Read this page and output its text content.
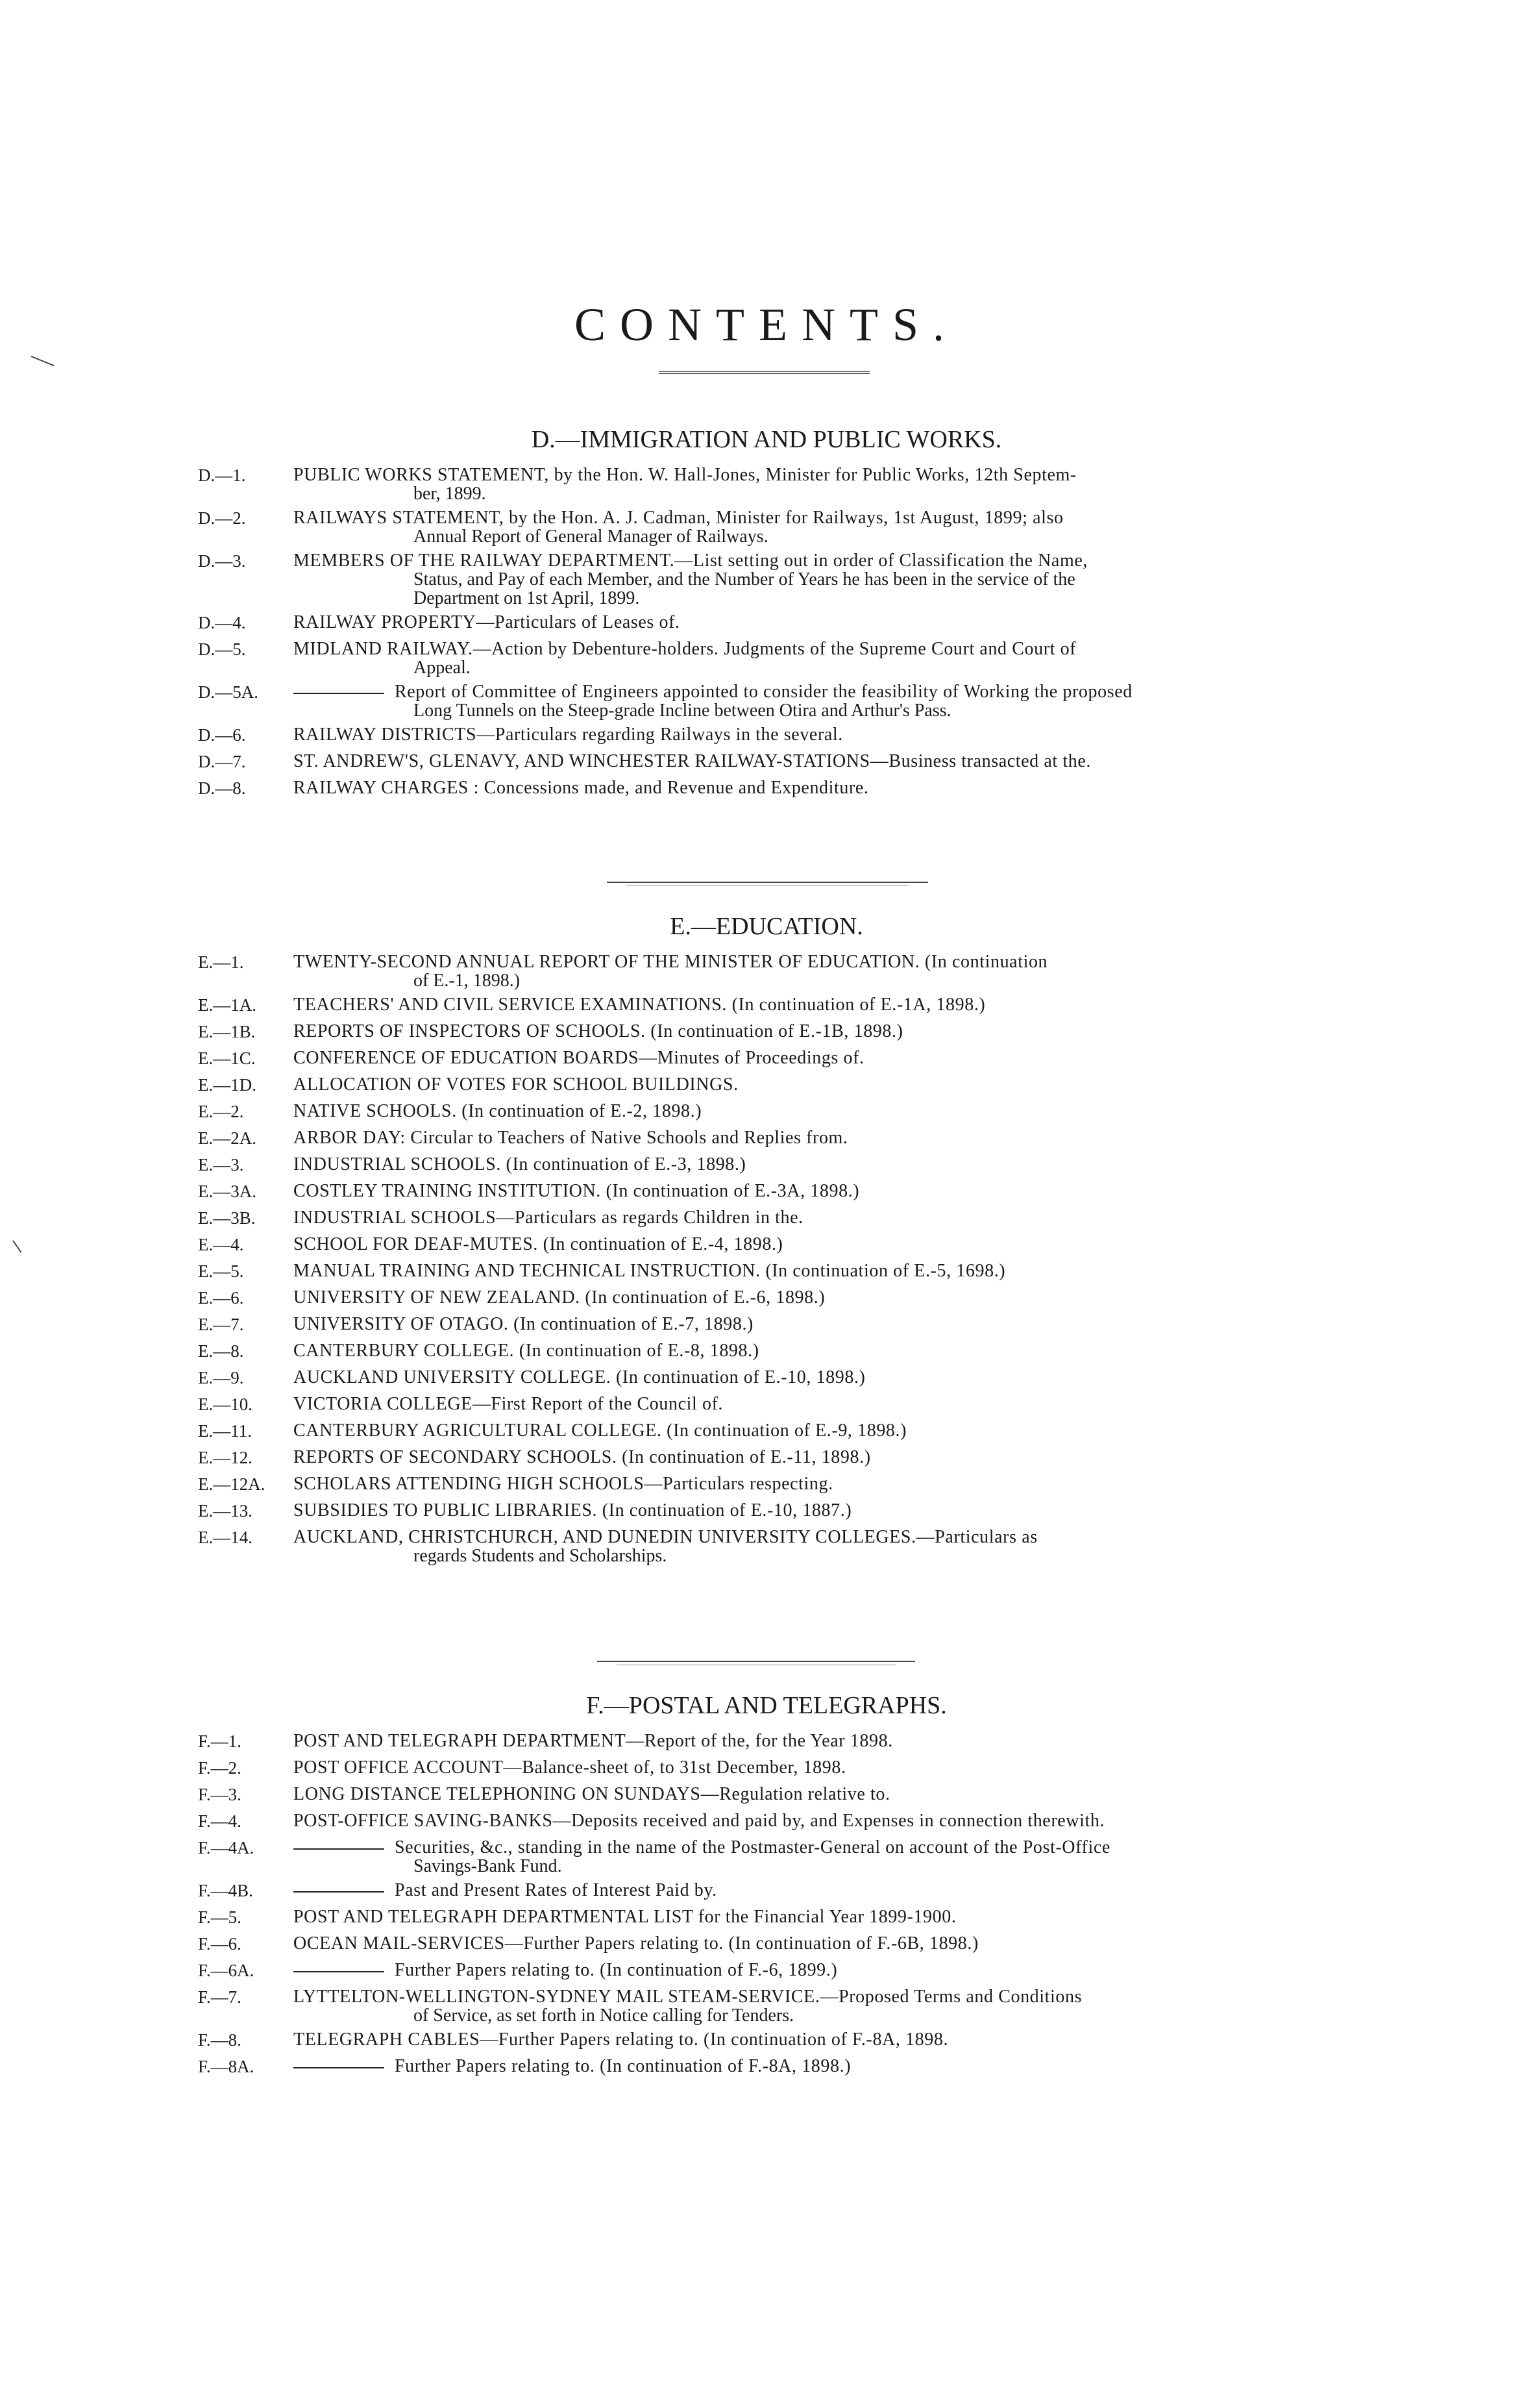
CONTENTS.
D.—IMMIGRATION AND PUBLIC WORKS.
D.—1.	PUBLIC WORKS STATEMENT, by the Hon. W. Hall-Jones, Minister for Public Works, 12th Septem-
ber, 1899.
D.—2.	RAILWAYS STATEMENT, by the Hon. A. J. Cadman, Minister for Railways, 1st August, 1899; also
Annual Report of General Manager of Railways.
D.—3.	MEMBERS OF THE RAILWAY DEPARTMENT.—List setting out in order of Classification the Name,
Status, and Pay of each Member, and the Number of Years he has been in the service of the
Department on 1st April, 1899.
D.—4.	RAILWAY PROPERTY—Particulars of Leases of.
D.—5.	MIDLAND RAILWAY.—Action by Debenture-holders. Judgments of the Supreme Court and Court of
Appeal.
D.—5A.	Report of Committee of Engineers appointed to consider the feasibility of Working the proposed
Long Tunnels on the Steep-grade Incline between Otira and Arthur's Pass.
D.—6.	RAILWAY DISTRICTS—Particulars regarding Railways in the several.
D.—7.	ST. ANDREW'S, GLENAVY, AND WINCHESTER RAILWAY-STATIONS—Business transacted at the.
D.—8.	RAILWAY CHARGES : Concessions made, and Revenue and Expenditure.
E.—EDUCATION.
E.—1.	TWENTY-SECOND ANNUAL REPORT OF THE MINISTER OF EDUCATION. (In continuation
of E.-1, 1898.)
E.—1A.	TEACHERS' AND CIVIL SERVICE EXAMINATIONS. (In continuation of E.-1A, 1898.)
E.—1B.	REPORTS OF INSPECTORS OF SCHOOLS. (In continuation of E.-1B, 1898.)
E.—1C.	CONFERENCE OF EDUCATION BOARDS—Minutes of Proceedings of.
E.—1D.	ALLOCATION OF VOTES FOR SCHOOL BUILDINGS.
E.—2.	NATIVE SCHOOLS. (In continuation of E.-2, 1898.)
E.—2A.	ARBOR DAY: Circular to Teachers of Native Schools and Replies from.
E.—3.	INDUSTRIAL SCHOOLS. (In continuation of E.-3, 1898.)
E.—3A.	COSTLEY TRAINING INSTITUTION. (In continuation of E.-3A, 1898.)
E.—3B.	INDUSTRIAL SCHOOLS—Particulars as regards Children in the.
E.—4.	SCHOOL FOR DEAF-MUTES. (In continuation of E.-4, 1898.)
E.—5.	MANUAL TRAINING AND TECHNICAL INSTRUCTION. (In continuation of E.-5, 1698.)
E.—6.	UNIVERSITY OF NEW ZEALAND. (In continuation of E.-6, 1898.)
E.—7.	UNIVERSITY OF OTAGO. (In continuation of E.-7, 1898.)
E.—8.	CANTERBURY COLLEGE. (In continuation of E.-8, 1898.)
E.—9.	AUCKLAND UNIVERSITY COLLEGE. (In continuation of E.-10, 1898.)
E.—10.	VICTORIA COLLEGE—First Report of the Council of.
E.—11.	CANTERBURY AGRICULTURAL COLLEGE. (In continuation of E.-9, 1898.)
E.—12.	REPORTS OF SECONDARY SCHOOLS. (In continuation of E.-11, 1898.)
E.—12A.	SCHOLARS ATTENDING HIGH SCHOOLS—Particulars respecting.
E.—13.	SUBSIDIES TO PUBLIC LIBRARIES. (In continuation of E.-10, 1887.)
E.—14.	AUCKLAND, CHRISTCHURCH, AND DUNEDIN UNIVERSITY COLLEGES.—Particulars as
regards Students and Scholarships.
F.—POSTAL AND TELEGRAPHS.
F.—1.	POST AND TELEGRAPH DEPARTMENT—Report of the, for the Year 1898.
F.—2.	POST OFFICE ACCOUNT—Balance-sheet of, to 31st December, 1898.
F.—3.	LONG DISTANCE TELEPHONING ON SUNDAYS—Regulation relative to.
F.—4.	POST-OFFICE SAVING-BANKS—Deposits received and paid by, and Expenses in connection therewith.
F.—4A.	Securities, &c., standing in the name of the Postmaster-General on account of the Post-Office
Savings-Bank Fund.
F.—4B.	Past and Present Rates of Interest Paid by.
F.—5.	POST AND TELEGRAPH DEPARTMENTAL LIST for the Financial Year 1899-1900.
F.—6.	OCEAN MAIL-SERVICES—Further Papers relating to. (In continuation of F.-6B, 1898.)
F.—6A.	Further Papers relating to. (In continuation of F.-6, 1899.)
F.—7.	LYTTELTON-WELLINGTON-SYDNEY MAIL STEAM-SERVICE.—Proposed Terms and Conditions
of Service, as set forth in Notice calling for Tenders.
F.—8.	TELEGRAPH CABLES—Further Papers relating to. (In continuation of F.-8A, 1898.
F.—8A.	Further Papers relating to. (In continuation of F.-8A, 1898.)
